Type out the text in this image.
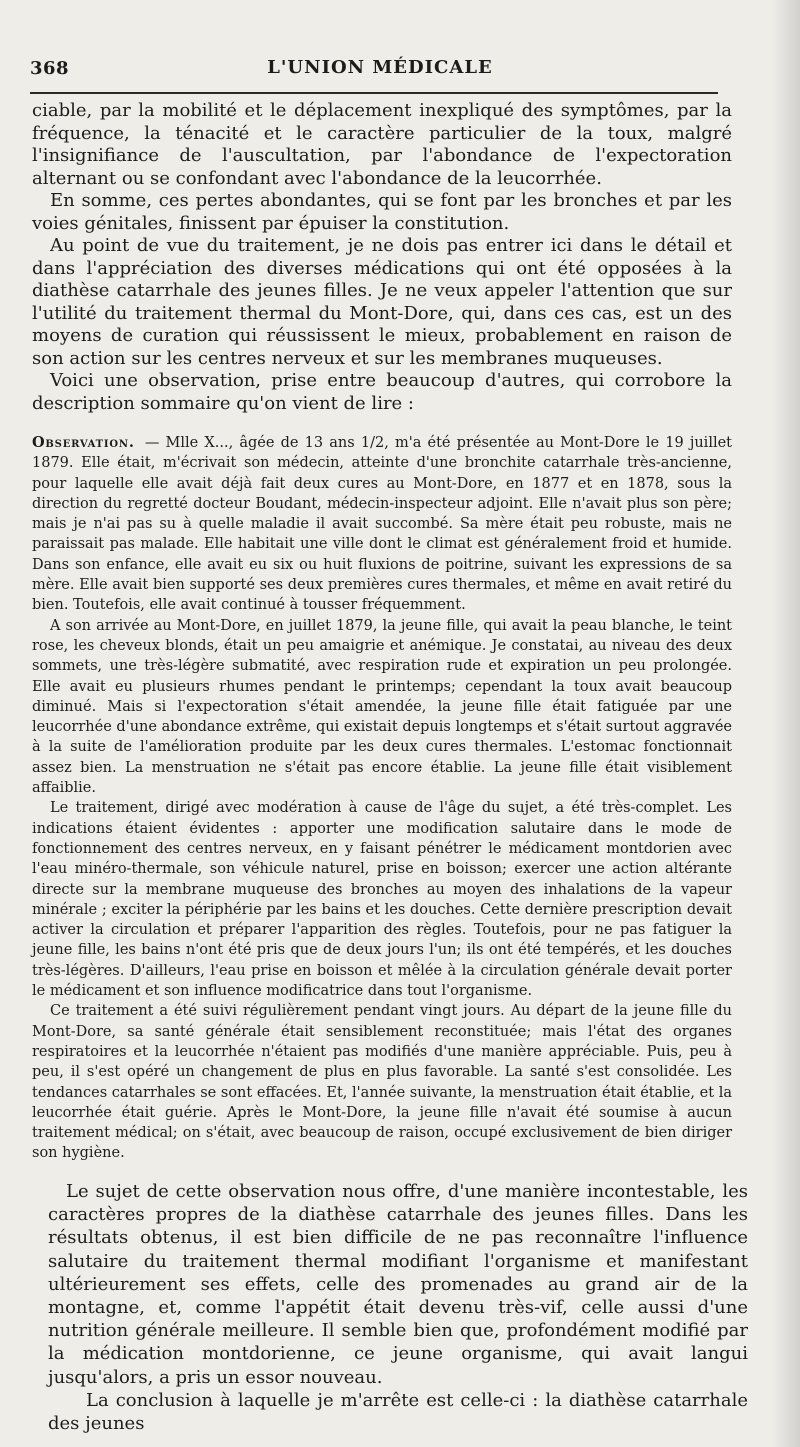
368	L'UNION MÉDICALE

ciable, par la mobilité et le déplacement inexpliqué des symptômes, par la fréquence, la ténacité et le caractère particulier de la toux, malgré l'insignifiance de l'auscultation, par l'abondance de l'expectoration alternant ou se confondant avec l'abondance de la leucorrhée.

En somme, ces pertes abondantes, qui se font par les bronches et par les voies génitales, finissent par épuiser la constitution.

Au point de vue du traitement, je ne dois pas entrer ici dans le détail et dans l'appréciation des diverses médications qui ont été opposées à la diathèse catarrhale des jeunes filles. Je ne veux appeler l'attention que sur l'utilité du traitement thermal du Mont-Dore, qui, dans ces cas, est un des moyens de curation qui réussissent le mieux, probablement en raison de son action sur les centres nerveux et sur les membranes muqueuses.

Voici une observation, prise entre beaucoup d'autres, qui corrobore la description sommaire qu'on vient de lire :

Observation. — Mlle X..., âgée de 13 ans 1/2, m'a été présentée au Mont-Dore le 19 juillet 1879. Elle était, m'écrivait son médecin, atteinte d'une bronchite catarrhale très-ancienne, pour laquelle elle avait déjà fait deux cures au Mont-Dore, en 1877 et en 1878, sous la direction du regretté docteur Boudant, médecin-inspecteur adjoint. Elle n'avait plus son père; mais je n'ai pas su à quelle maladie il avait succombé. Sa mère était peu robuste, mais ne paraissait pas malade. Elle habitait une ville dont le climat est généralement froid et humide. Dans son enfance, elle avait eu six ou huit fluxions de poitrine, suivant les expressions de sa mère. Elle avait bien supporté ses deux premières cures thermales, et même en avait retiré du bien. Toutefois, elle avait continué à tousser fréquemment.

A son arrivée au Mont-Dore, en juillet 1879, la jeune fille, qui avait la peau blanche, le teint rose, les cheveux blonds, était un peu amaigrie et anémique. Je constatai, au niveau des deux sommets, une très-légère submatité, avec respiration rude et expiration un peu prolongée. Elle avait eu plusieurs rhumes pendant le printemps; cependant la toux avait beaucoup diminué. Mais si l'expectoration s'était amendée, la jeune fille était fatiguée par une leucorrhée d'une abondance extrême, qui existait depuis longtemps et s'était surtout aggravée à la suite de l'amélioration produite par les deux cures thermales. L'estomac fonctionnait assez bien. La menstruation ne s'était pas encore établie. La jeune fille était visiblement affaiblie.

Le traitement, dirigé avec modération à cause de l'âge du sujet, a été très-complet. Les indications étaient évidentes : apporter une modification salutaire dans le mode de fonctionnement des centres nerveux, en y faisant pénétrer le médicament montdorien avec l'eau minéro-thermale, son véhicule naturel, prise en boisson; exercer une action altérante directe sur la membrane muqueuse des bronches au moyen des inhalations de la vapeur minérale ; exciter la périphérie par les bains et les douches. Cette dernière prescription devait activer la circulation et préparer l'apparition des règles. Toutefois, pour ne pas fatiguer la jeune fille, les bains n'ont été pris que de deux jours l'un; ils ont été tempérés, et les douches très-légères. D'ailleurs, l'eau prise en boisson et mêlée à la circulation générale devait porter le médicament et son influence modificatrice dans tout l'organisme.

Ce traitement a été suivi régulièrement pendant vingt jours. Au départ de la jeune fille du Mont-Dore, sa santé générale était sensiblement reconstituée; mais l'état des organes respiratoires et la leucorrhée n'étaient pas modifiés d'une manière appréciable. Puis, peu à peu, il s'est opéré un changement de plus en plus favorable. La santé s'est consolidée. Les tendances catarrhales se sont effacées. Et, l'année suivante, la menstruation était établie, et la leucorrhée était guérie. Après le Mont-Dore, la jeune fille n'avait été soumise à aucun traitement médical; on s'était, avec beaucoup de raison, occupé exclusivement de bien diriger son hygiène.

Le sujet de cette observation nous offre, d'une manière incontestable, les caractères propres de la diathèse catarrhale des jeunes filles. Dans les résultats obtenus, il est bien difficile de ne pas reconnaître l'influence salutaire du traitement thermal modifiant l'organisme et manifestant ultérieurement ses effets, celle des promenades au grand air de la montagne, et, comme l'appétit était devenu très-vif, celle aussi d'une nutrition générale meilleure. Il semble bien que, profondément modifié par la médication montdorienne, ce jeune organisme, qui avait langui jusqu'alors, a pris un essor nouveau.

La conclusion à laquelle je m'arrête est celle-ci : la diathèse catarrhale des jeunes
